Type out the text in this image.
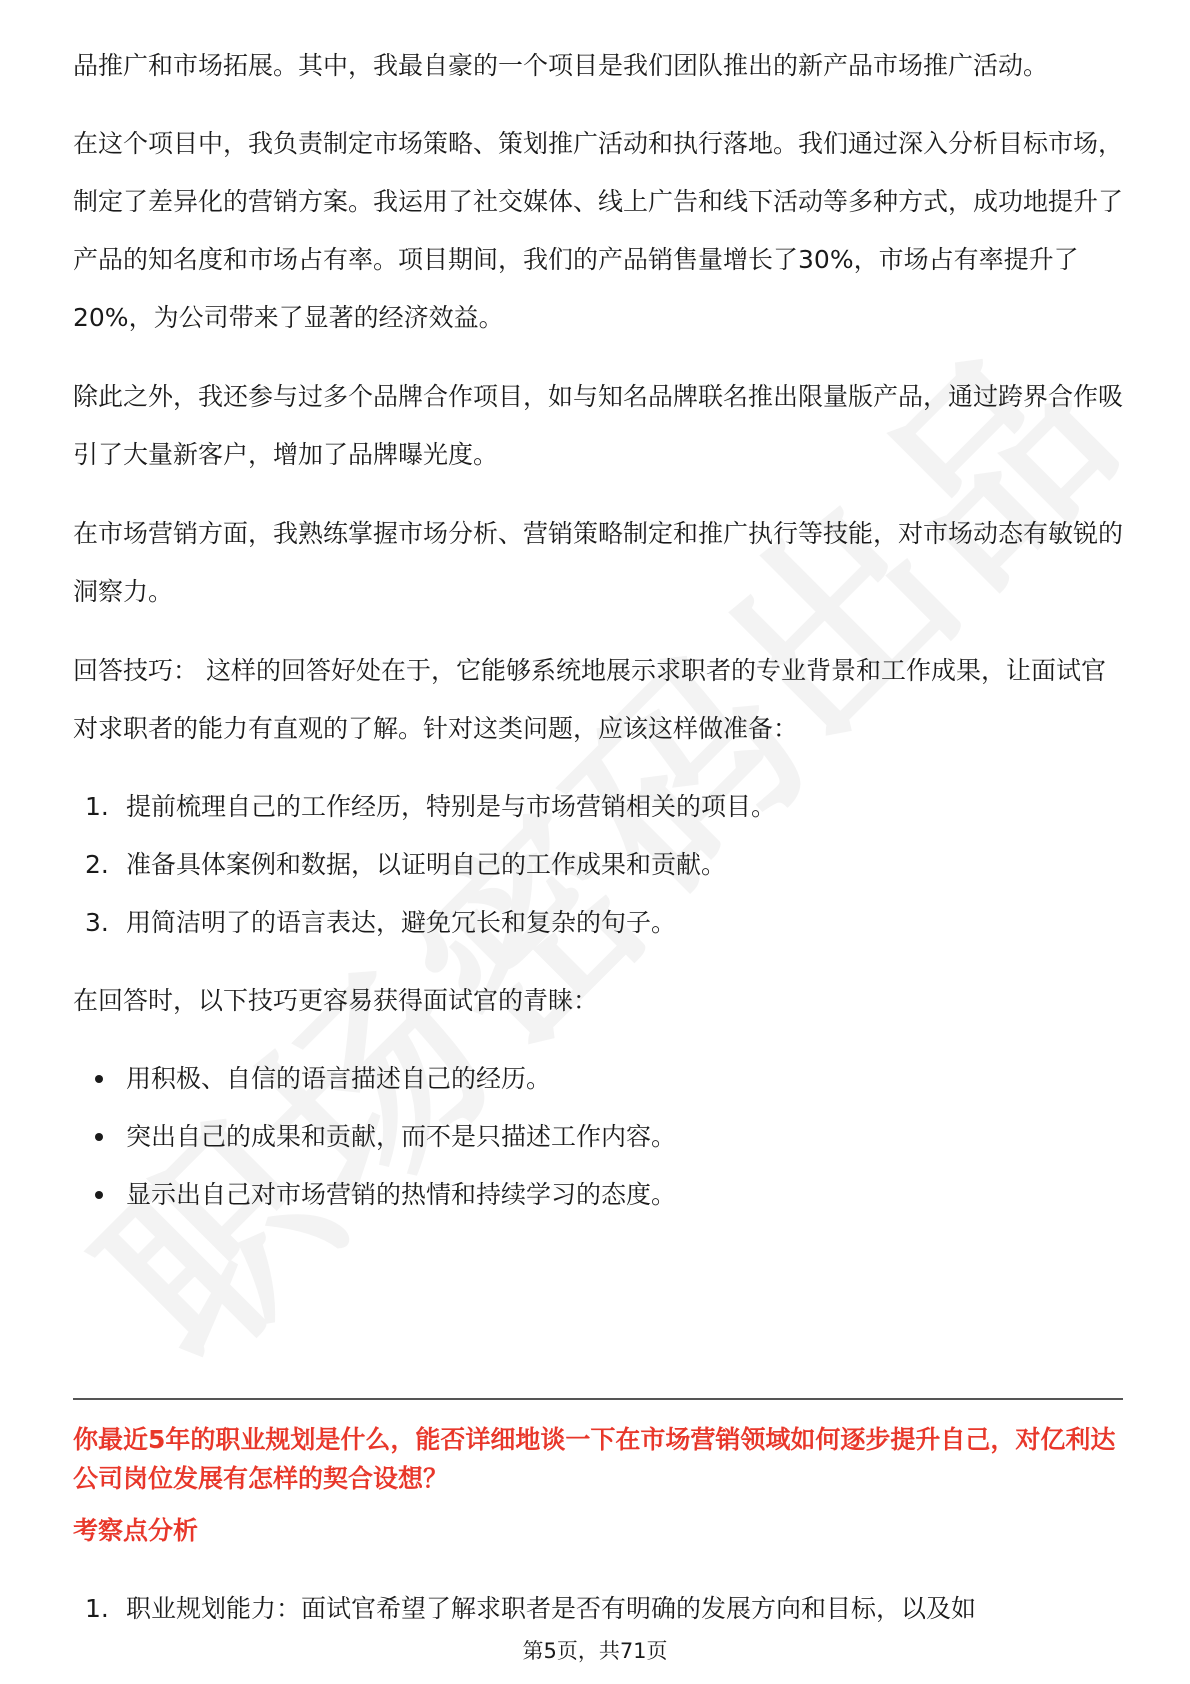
品推广和市场拓展。其中，我最自豪的一个项目是我们团队推出的新产品市场推广活动。

在这个项目中，我负责制定市场策略、策划推广活动和执行落地。我们通过深入分析目标市场，制定了差异化的营销方案。我运用了社交媒体、线上广告和线下活动等多种方式，成功地提升了产品的知名度和市场占有率。项目期间，我们的产品销售量增长了30%，市场占有率提升了20%，为公司带来了显著的经济效益。

除此之外，我还参与过多个品牌合作项目，如与知名品牌联名推出限量版产品，通过跨界合作吸引了大量新客户，增加了品牌曝光度。

在市场营销方面，我熟练掌握市场分析、营销策略制定和推广执行等技能，对市场动态有敏锐的洞察力。

回答技巧： 这样的回答好处在于，它能够系统地展示求职者的专业背景和工作成果，让面试官对求职者的能力有直观的了解。针对这类问题，应该这样做准备：

1. 提前梳理自己的工作经历，特别是与市场营销相关的项目。
2. 准备具体案例和数据，以证明自己的工作成果和贡献。
3. 用简洁明了的语言表达，避免冗长和复杂的句子。

在回答时，以下技巧更容易获得面试官的青睐：

用积极、自信的语言描述自己的经历。
突出自己的成果和贡献，而不是只描述工作内容。
显示出自己对市场营销的热情和持续学习的态度。

你最近5年的职业规划是什么，能否详细地谈一下在市场营销领域如何逐步提升自己，对亿利达公司岗位发展有怎样的契合设想？

考察点分析

1. 职业规划能力：面试官希望了解求职者是否有明确的发展方向和目标，以及如
第5页，共71页
